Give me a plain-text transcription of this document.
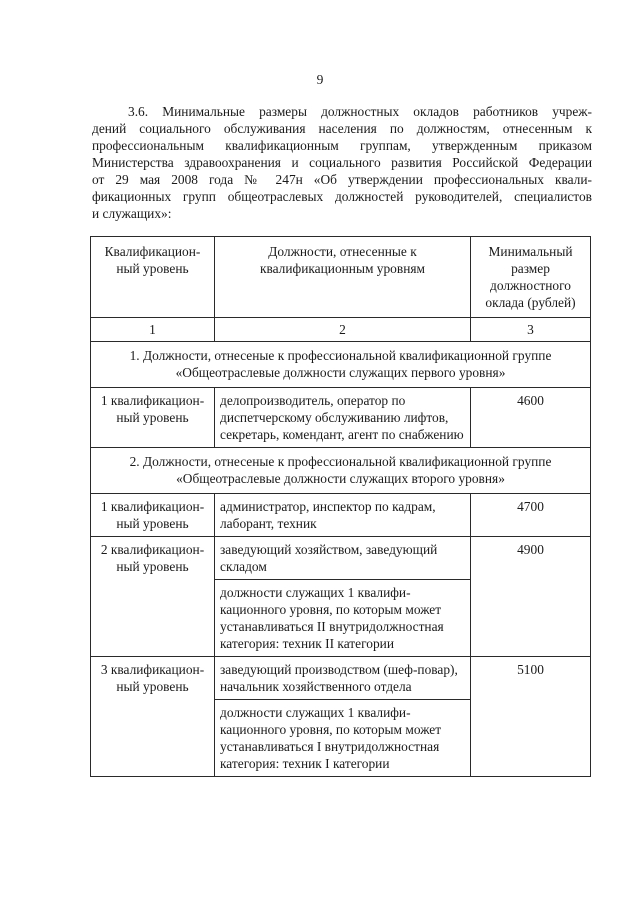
9

3.6. Минимальные размеры должностных окладов работников учреж-
дений социального обслуживания населения по должностям, отнесенным к
профессиональным квалификационным группам, утвержденным приказом
Министерства здравоохранения и социального развития Российской Федерации
от 29 мая 2008 года № 247н «Об утверждении профессиональных квали-
фикационных групп общеотраслевых должностей руководителей, специалистов
и служащих»:

Квалификацион-ный уровень	Должности, отнесенные к квалификационным уровням	Минимальный размер должностного оклада (рублей)
1	2	3
1. Должности, отнесеные к профессиональной квалификационной группе «Общеотраслевые должности служащих первого уровня»		
1 квалификацион-ный уровень	делопроизводитель, оператор по диспетчерскому обслуживанию лифтов, секретарь, комендант, агент по снабжению	4600
2. Должности, отнесеные к профессиональной квалификационной группе «Общеотраслевые должности служащих второго уровня»		
1 квалификацион-ный уровень	администратор, инспектор по кадрам, лаборант, техник	4700
2 квалификацион-ный уровень	заведующий хозяйством, заведующий складом	4900
	должности служащих 1 квалифи-кационного уровня, по которым может устанавливаться II внутридолжностная категория: техник II категории	
3 квалификацион-ный уровень	заведующий производством (шеф-повар), начальник хозяйственного отдела	5100
	должности служащих 1 квалифи-кационного уровня, по которым может устанавливаться I внутридолжностная категория: техник I категории	
